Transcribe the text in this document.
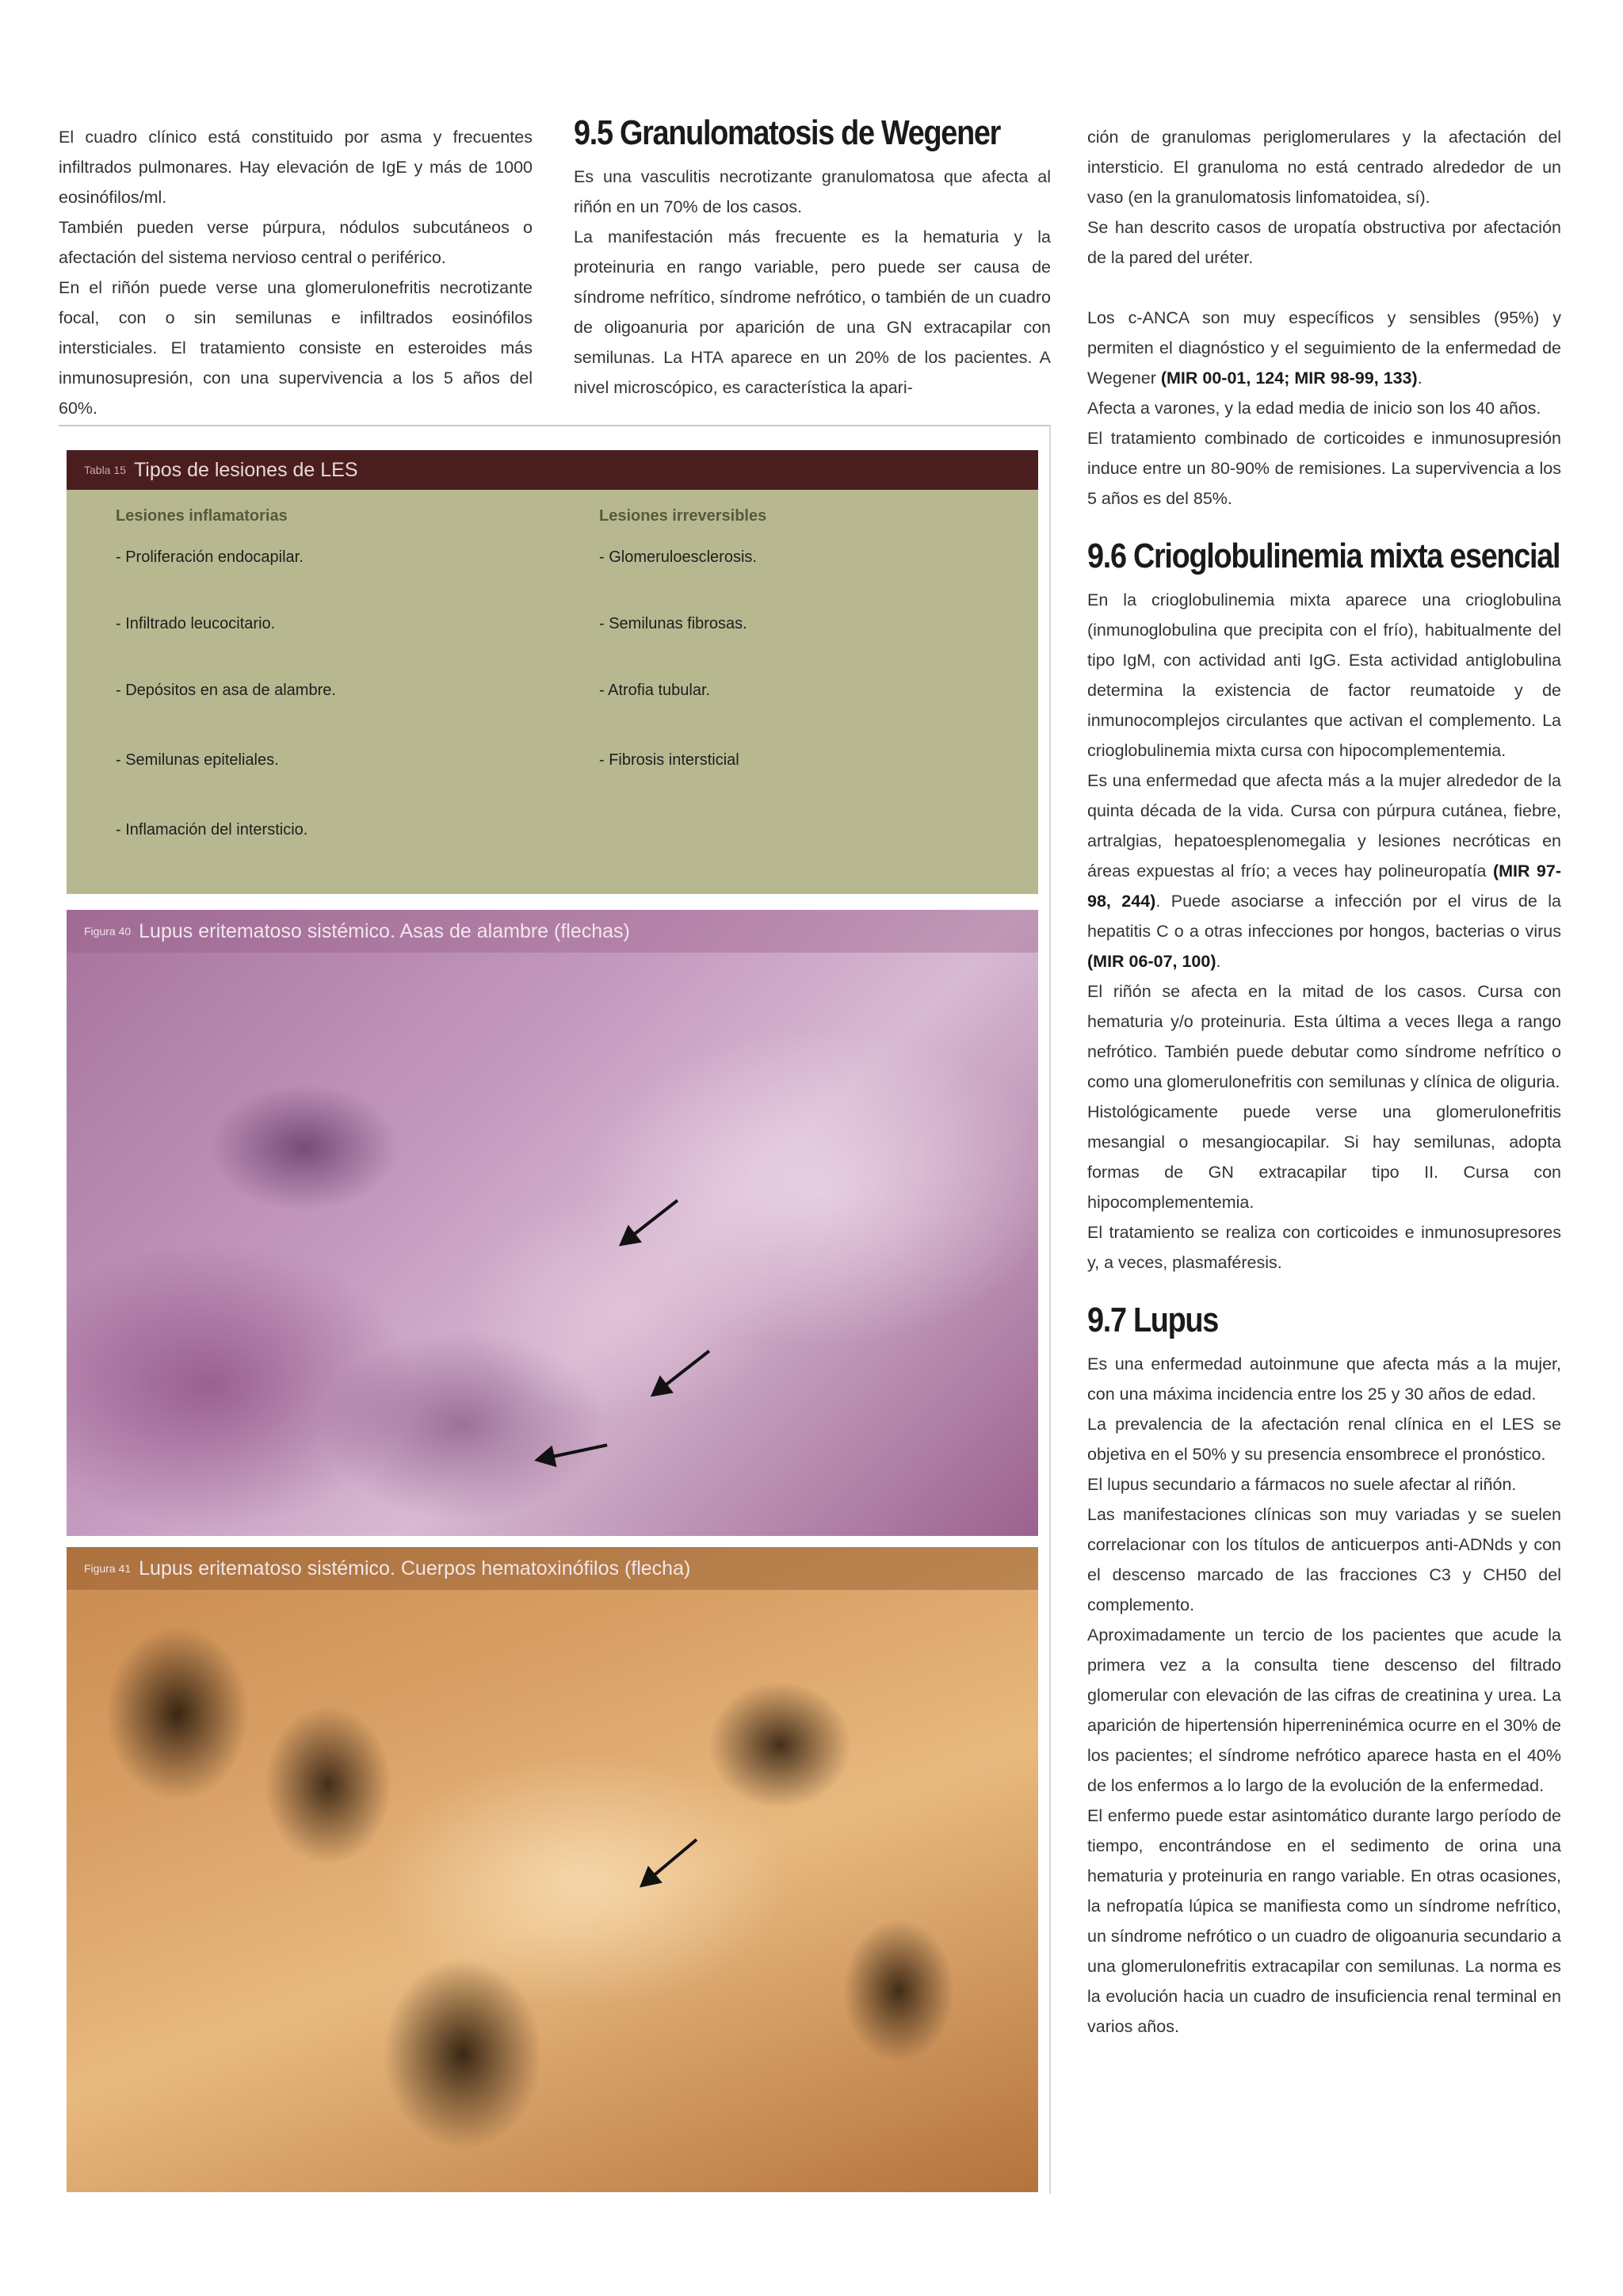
El cuadro clínico está constituido por asma y frecuentes infiltrados pulmonares. Hay elevación de IgE y más de 1000 eosinófilos/ml.

También pueden verse púrpura, nódulos subcutáneos o afectación del sistema nervioso central o periférico.

En el riñón puede verse una glomerulonefritis necrotizante focal, con o sin semilunas e infiltrados eosinófilos intersticiales. El tratamiento consiste en esteroides más inmunosupresión, con una supervivencia a los 5 años del 60%.

9.5 Granulomatosis de Wegener

Es una vasculitis necrotizante granulomatosa que afecta al riñón en un 70% de los casos.

La manifestación más frecuente es la hematuria y la proteinuria en rango variable, pero puede ser causa de síndrome nefrítico, síndrome nefrótico, o también de un cuadro de oligoanuria por aparición de una GN extracapilar con semilunas. La HTA aparece en un 20% de los pacientes. A nivel microscópico, es característica la apari-

ción de granulomas periglomerulares y la afectación del intersticio. El granuloma no está centrado alrededor de un vaso (en la granulomatosis linfomatoidea, sí).

Se han descrito casos de uropatía obstructiva por afectación de la pared del uréter.

Los c-ANCA son muy específicos y sensibles (95%) y permiten el diagnóstico y el seguimiento de la enfermedad de Wegener (MIR 00-01, 124; MIR 98-99, 133).

Afecta a varones, y la edad media de inicio son los 40 años.

El tratamiento combinado de corticoides e inmunosupresión induce entre un 80-90% de remisiones. La supervivencia a los 5 años es del 85%.

9.6 Crioglobulinemia mixta esencial

En la crioglobulinemia mixta aparece una crioglobulina (inmunoglobulina que precipita con el frío), habitualmente del tipo IgM, con actividad anti IgG. Esta actividad antiglobulina determina la existencia de factor reumatoide y de inmunocomplejos circulantes que activan el complemento. La crioglobulinemia mixta cursa con hipocomplementemia.

Es una enfermedad que afecta más a la mujer alrededor de la quinta década de la vida. Cursa con púrpura cutánea, fiebre, artralgias, hepatoesplenomegalia y lesiones necróticas en áreas expuestas al frío; a veces hay polineuropatía (MIR 97-98, 244). Puede asociarse a infección por el virus de la hepatitis C o a otras infecciones por hongos, bacterias o virus (MIR 06-07, 100).

El riñón se afecta en la mitad de los casos. Cursa con hematuria y/o proteinuria. Esta última a veces llega a rango nefrótico. También puede debutar como síndrome nefrítico o como una glomerulonefritis con semilunas y clínica de oliguria.

Histológicamente puede verse una glomerulonefritis mesangial o mesangiocapilar. Si hay semilunas, adopta formas de GN extracapilar tipo II. Cursa con hipocomplementemia.

El tratamiento se realiza con corticoides e inmunosupresores y, a veces, plasmaféresis.

9.7 Lupus

Es una enfermedad autoinmune que afecta más a la mujer, con una máxima incidencia entre los 25 y 30 años de edad.

La prevalencia de la afectación renal clínica en el LES se objetiva en el 50% y su presencia ensombrece el pronóstico.

El lupus secundario a fármacos no suele afectar al riñón.

Las manifestaciones clínicas son muy variadas y se suelen correlacionar con los títulos de anticuerpos anti-ADNds y con el descenso marcado de las fracciones C3 y CH50 del complemento.

Aproximadamente un tercio de los pacientes que acude la primera vez a la consulta tiene descenso del filtrado glomerular con elevación de las cifras de creatinina y urea. La aparición de hipertensión hiperreninémica ocurre en el 30% de los pacientes; el síndrome nefrótico aparece hasta en el 40% de los enfermos a lo largo de la evolución de la enfermedad.

El enfermo puede estar asintomático durante largo período de tiempo, encontrándose en el sedimento de orina una hematuria y proteinuria en rango variable. En otras ocasiones, la nefropatía lúpica se manifiesta como un síndrome nefrítico, un síndrome nefrótico o un cuadro de oligoanuria secundario a una glomerulonefritis extracapilar con semilunas. La norma es la evolución hacia un cuadro de insuficiencia renal terminal en varios años.

Tabla 15 Tipos de lesiones de LES
Lesiones inflamatorias
- Proliferación endocapilar.
- Infiltrado leucocitario.
- Depósitos en asa de alambre.
- Semilunas epiteliales.
- Inflamación del intersticio.
Lesiones irreversibles
- Glomeruloesclerosis.
- Semilunas fibrosas.
- Atrofia tubular.
- Fibrosis intersticial
Figura 40 Lupus eritematoso sistémico. Asas de alambre (flechas)
Figura 41 Lupus eritematoso sistémico. Cuerpos hematoxinófilos (flecha)
